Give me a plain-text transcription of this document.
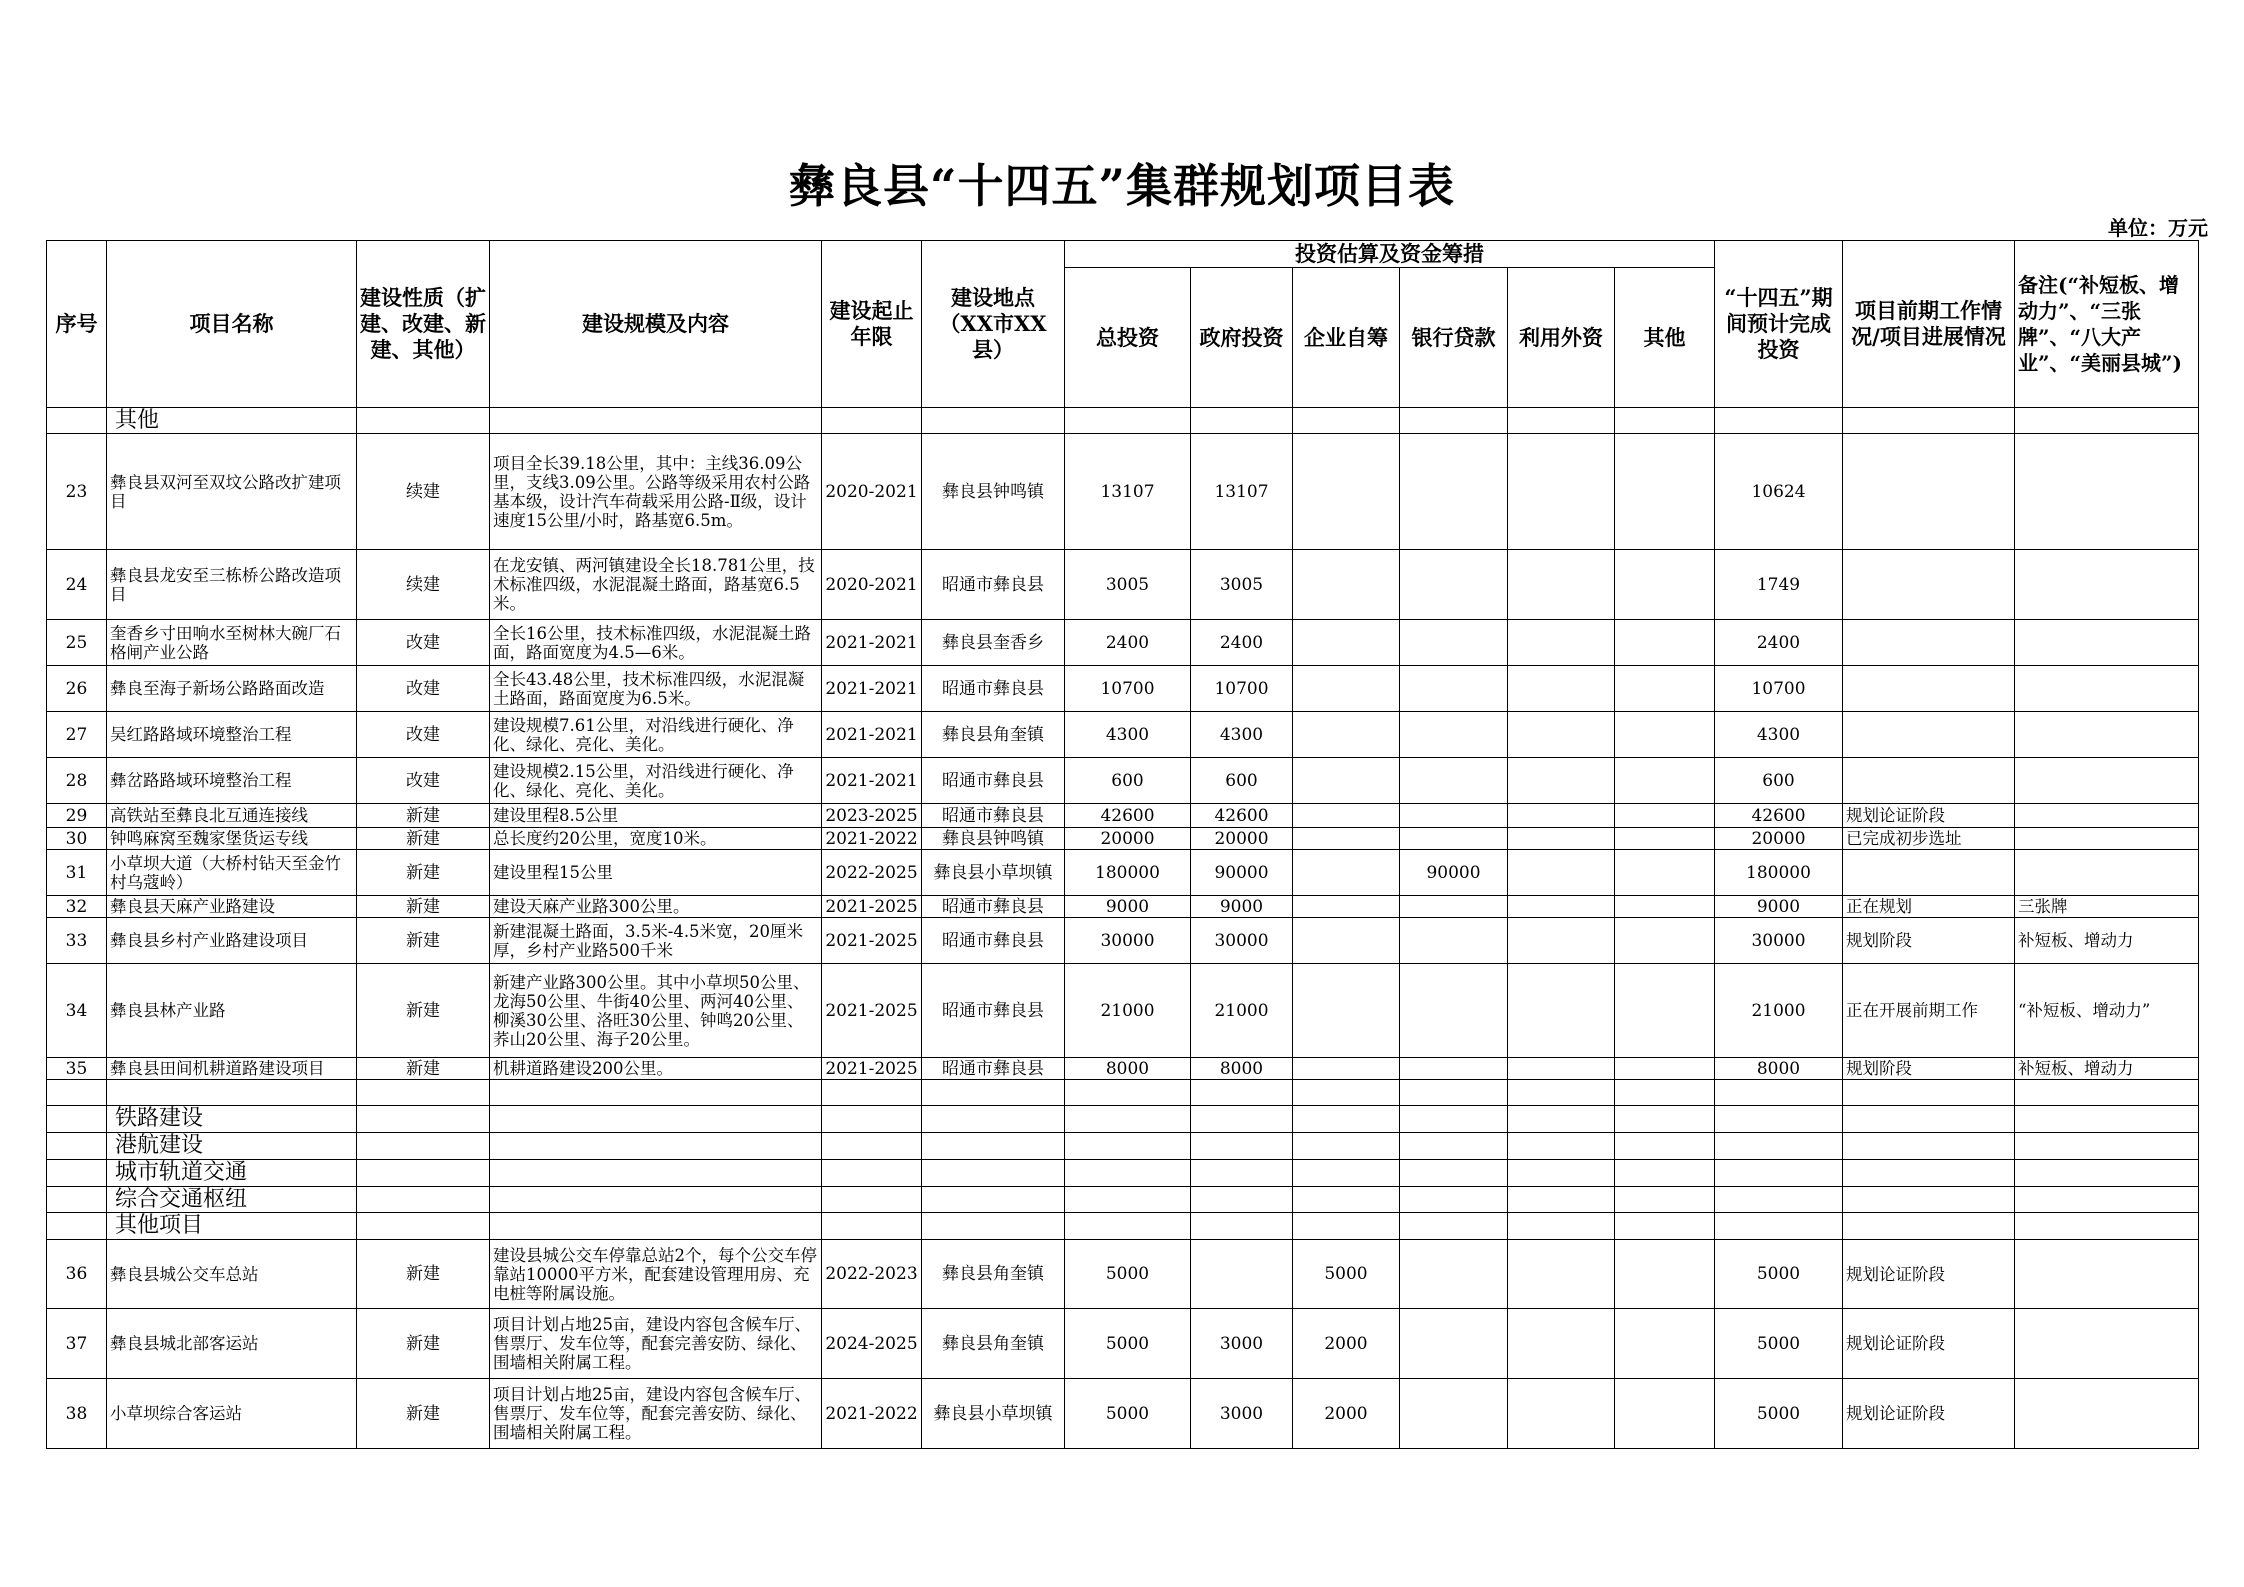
彝良县“十四五”集群规划项目表
单位：万元
序号	项目名称	建设性质（扩建、改建、新建、其他）	建设规模及内容	建设起止年限	建设地点（XX市XX县）	投资估算及资金筹措						“十四五”期间预计完成投资	项目前期工作情况/项目进展情况	备注(“补短板、增动力”、“三张牌”、“八大产业”、“美丽县城”)
						总投资	政府投资	企业自筹	银行贷款	利用外资	其他			
	其他													
23	彝良县双河至双坟公路改扩建项目	续建	项目全长39.18公里，其中：主线36.09公里，支线3.09公里。公路等级采用农村公路基本级，设计汽车荷载采用公路-Ⅱ级，设计速度15公里/小时，路基宽6.5m。	2020-2021	彝良县钟鸣镇	13107	13107					10624		
24	彝良县龙安至三栋桥公路改造项目	续建	在龙安镇、两河镇建设全长18.781公里，技术标准四级，水泥混凝土路面，路基宽6.5米。	2020-2021	昭通市彝良县	3005	3005					1749		
25	奎香乡寸田响水至树林大碗厂石格闸产业公路	改建	全长16公里，技术标准四级，水泥混凝土路面，路面宽度为4.5—6米。	2021-2021	彝良县奎香乡	2400	2400					2400		
26	彝良至海子新场公路路面改造	改建	全长43.48公里，技术标准四级，水泥混凝土路面，路面宽度为6.5米。	2021-2021	昭通市彝良县	10700	10700					10700		
27	吴红路路域环境整治工程	改建	建设规模7.61公里，对沿线进行硬化、净化、绿化、亮化、美化。	2021-2021	彝良县角奎镇	4300	4300					4300		
28	彝岔路路域环境整治工程	改建	建设规模2.15公里，对沿线进行硬化、净化、绿化、亮化、美化。	2021-2021	昭通市彝良县	600	600					600		
29	高铁站至彝良北互通连接线	新建	建设里程8.5公里	2023-2025	昭通市彝良县	42600	42600					42600	规划论证阶段	
30	钟鸣麻窝至魏家堡货运专线	新建	总长度约20公里，宽度10米。	2021-2022	彝良县钟鸣镇	20000	20000					20000	已完成初步选址	
31	小草坝大道（大桥村钻天至金竹村乌蔻岭）	新建	建设里程15公里	2022-2025	彝良县小草坝镇	180000	90000		90000			180000		
32	彝良县天麻产业路建设	新建	建设天麻产业路300公里。	2021-2025	昭通市彝良县	9000	9000					9000	正在规划	三张牌
33	彝良县乡村产业路建设项目	新建	新建混凝土路面，3.5米-4.5米宽，20厘米厚，乡村产业路500千米	2021-2025	昭通市彝良县	30000	30000					30000	规划阶段	补短板、增动力
34	彝良县林产业路	新建	新建产业路300公里。其中小草坝50公里、龙海50公里、牛街40公里、两河40公里、柳溪30公里、洛旺30公里、钟鸣20公里、荞山20公里、海子20公里。	2021-2025	昭通市彝良县	21000	21000					21000	正在开展前期工作	“补短板、增动力”
35	彝良县田间机耕道路建设项目	新建	机耕道路建设200公里。	2021-2025	昭通市彝良县	8000	8000					8000	规划阶段	补短板、增动力

	铁路建设													
	港航建设													
	城市轨道交通													
	综合交通枢纽													
	其他项目													
36	彝良县城公交车总站	新建	建设县城公交车停靠总站2个，每个公交车停靠站10000平方米，配套建设管理用房、充电桩等附属设施。	2022-2023	彝良县角奎镇	5000		5000				5000	规划论证阶段	
37	彝良县城北部客运站	新建	项目计划占地25亩，建设内容包含候车厅、售票厅、发车位等，配套完善安防、绿化、围墙相关附属工程。	2024-2025	彝良县角奎镇	5000	3000	2000				5000	规划论证阶段	
38	小草坝综合客运站	新建	项目计划占地25亩，建设内容包含候车厅、售票厅、发车位等，配套完善安防、绿化、围墙相关附属工程。	2021-2022	彝良县小草坝镇	5000	3000	2000				5000	规划论证阶段	
